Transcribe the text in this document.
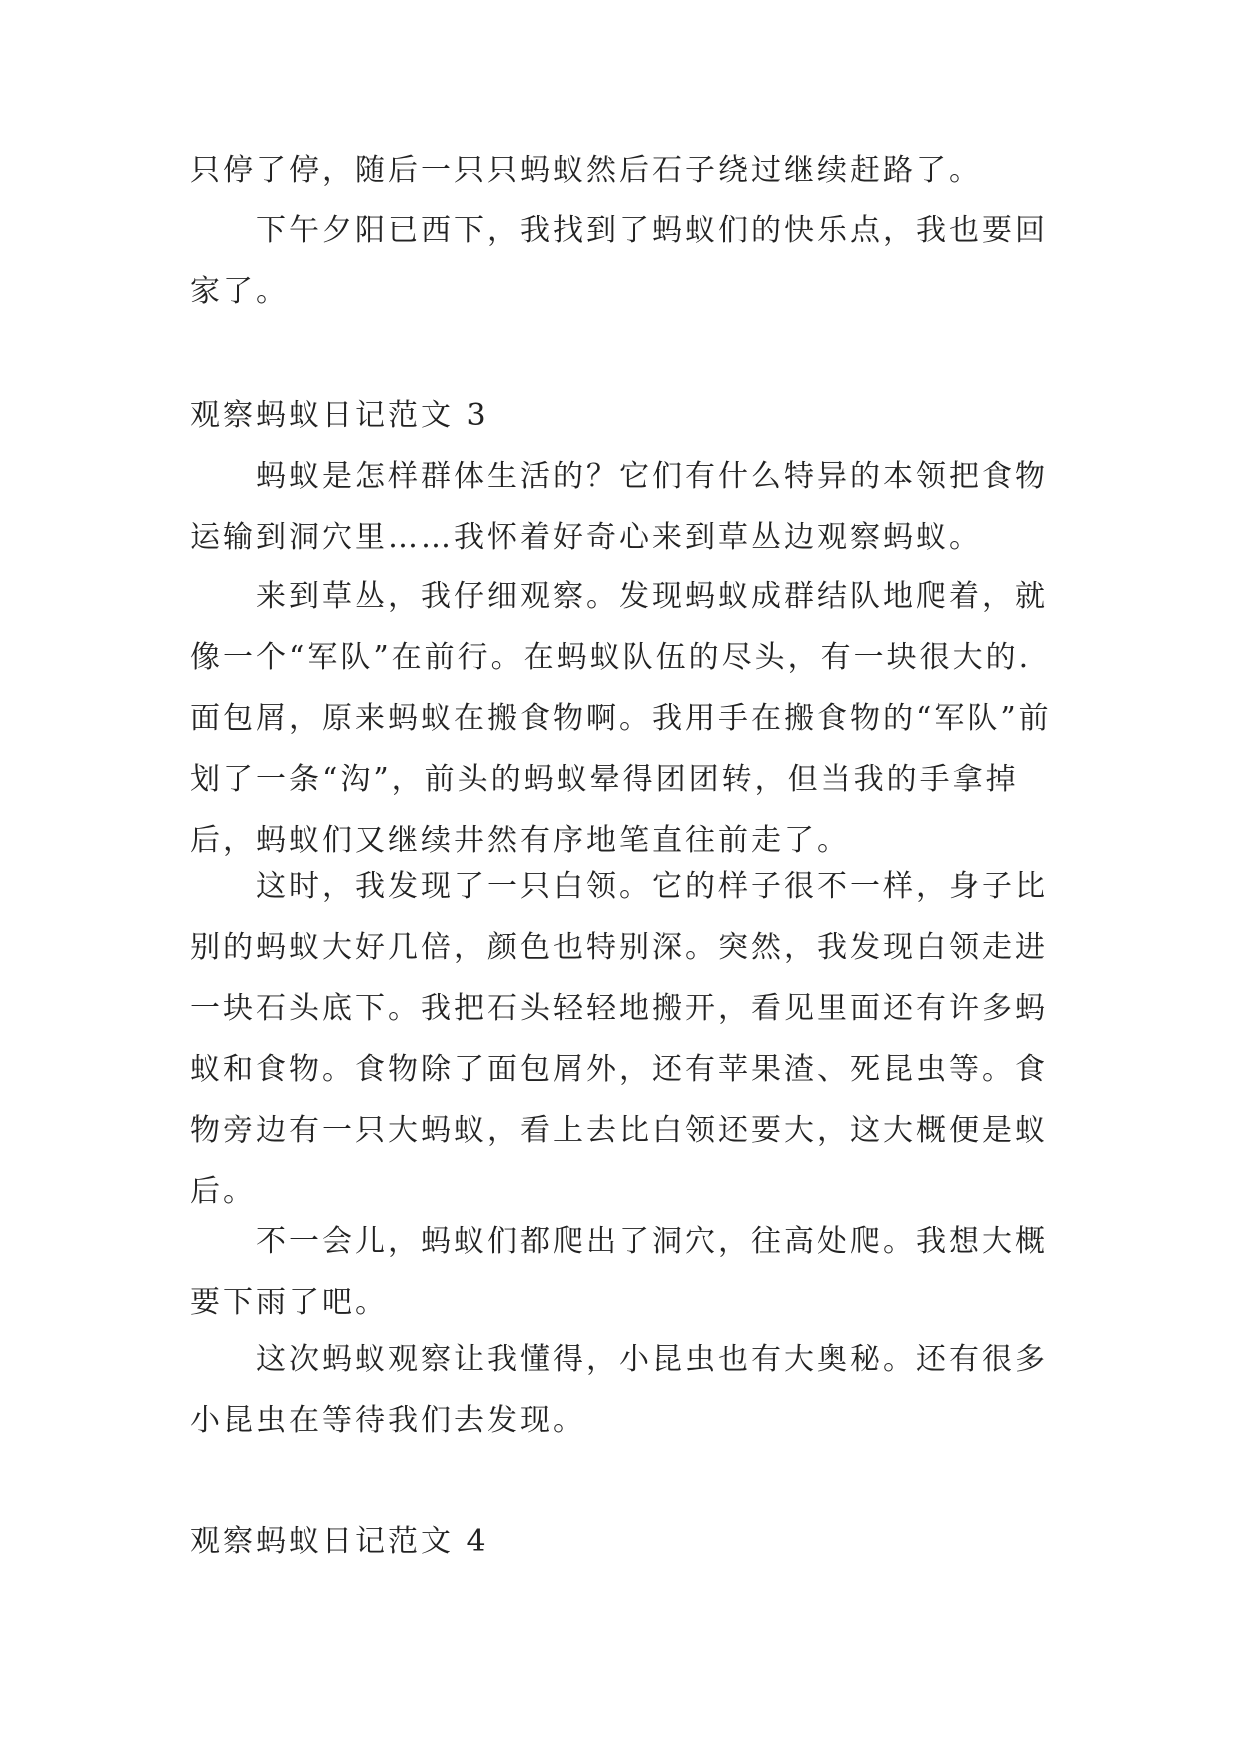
只停了停，随后一只只蚂蚁然后石子绕过继续赶路了。

下午夕阳已西下，我找到了蚂蚁们的快乐点，我也要回家了。

观察蚂蚁日记范文 3

蚂蚁是怎样群体生活的？它们有什么特异的本领把食物运输到洞穴里……我怀着好奇心来到草丛边观察蚂蚁。

来到草丛，我仔细观察。发现蚂蚁成群结队地爬着，就像一个“军队”在前行。在蚂蚁队伍的尽头，有一块很大的.面包屑，原来蚂蚁在搬食物啊。我用手在搬食物的“军队”前划了一条“沟”，前头的蚂蚁晕得团团转，但当我的手拿掉后，蚂蚁们又继续井然有序地笔直往前走了。

这时，我发现了一只白领。它的样子很不一样，身子比别的蚂蚁大好几倍，颜色也特别深。突然，我发现白领走进一块石头底下。我把石头轻轻地搬开，看见里面还有许多蚂蚁和食物。食物除了面包屑外，还有苹果渣、死昆虫等。食物旁边有一只大蚂蚁，看上去比白领还要大，这大概便是蚁后。

不一会儿，蚂蚁们都爬出了洞穴，往高处爬。我想大概要下雨了吧。

这次蚂蚁观察让我懂得，小昆虫也有大奥秘。还有很多小昆虫在等待我们去发现。

观察蚂蚁日记范文 4
